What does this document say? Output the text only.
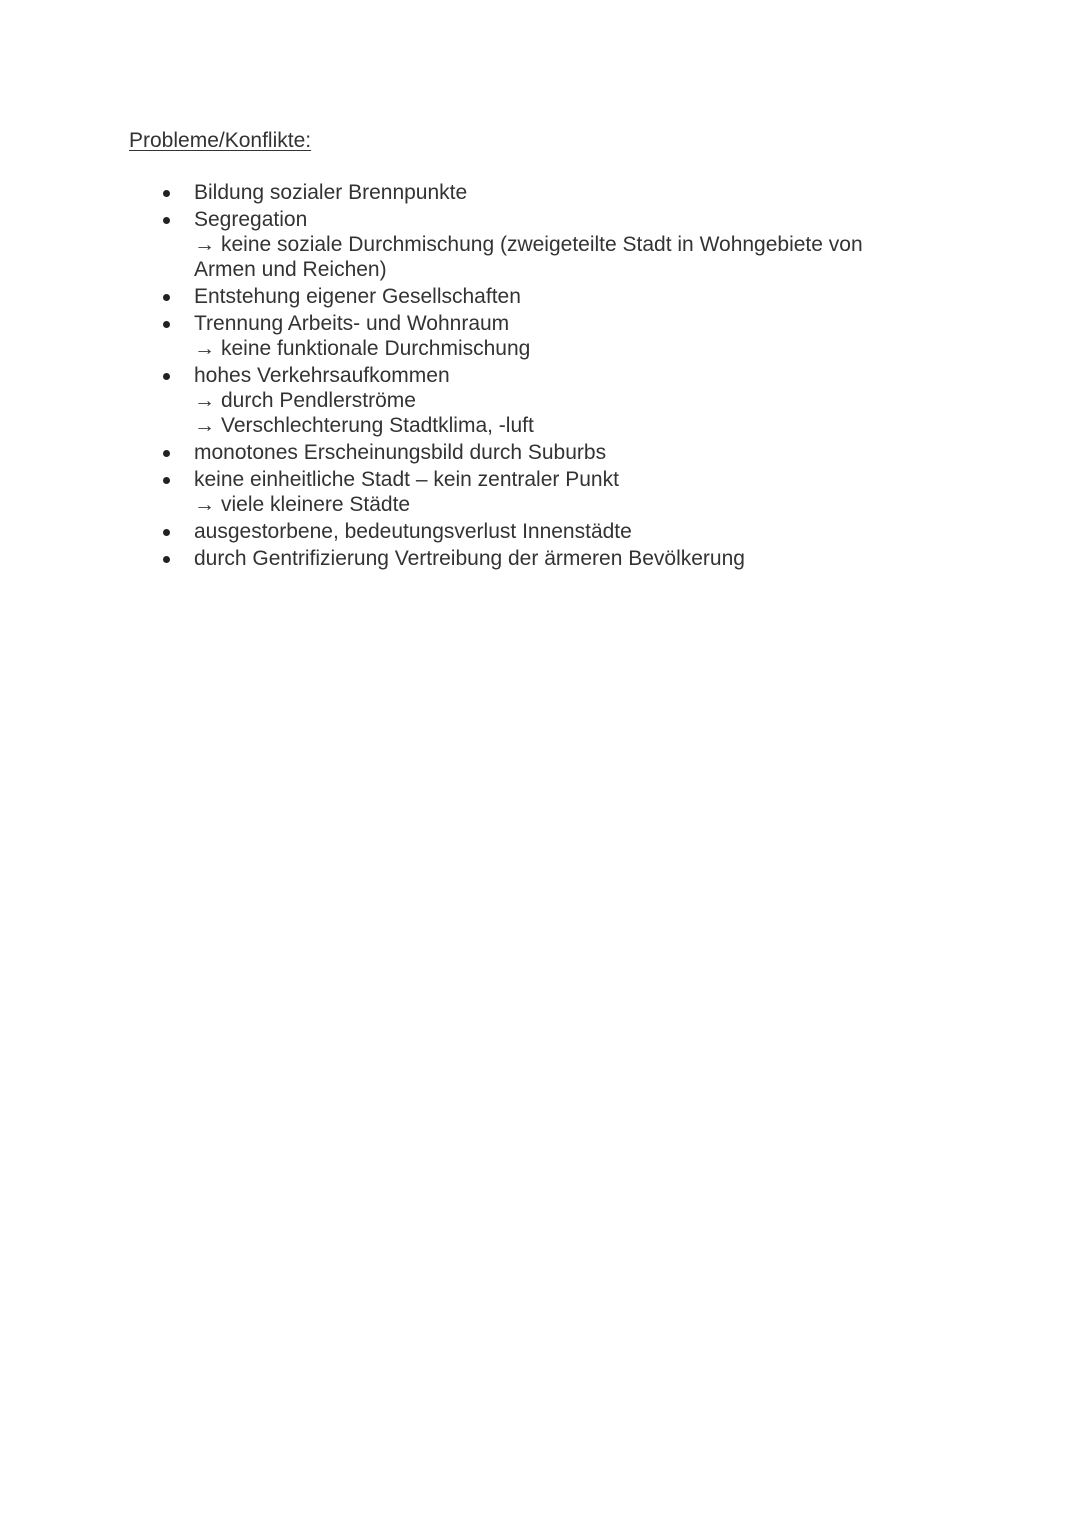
Probleme/Konflikte:
Bildung sozialer Brennpunkte
Segregation
→ keine soziale Durchmischung (zweigeteilte Stadt in Wohngebiete von
Armen und Reichen)
Entstehung eigener Gesellschaften
Trennung Arbeits- und Wohnraum
→ keine funktionale Durchmischung
hohes Verkehrsaufkommen
→ durch Pendlerströme
→ Verschlechterung Stadtklima, -luft
monotones Erscheinungsbild durch Suburbs
keine einheitliche Stadt – kein zentraler Punkt
→ viele kleinere Städte
ausgestorbene, bedeutungsverlust Innenstädte
durch Gentrifizierung Vertreibung der ärmeren Bevölkerung
